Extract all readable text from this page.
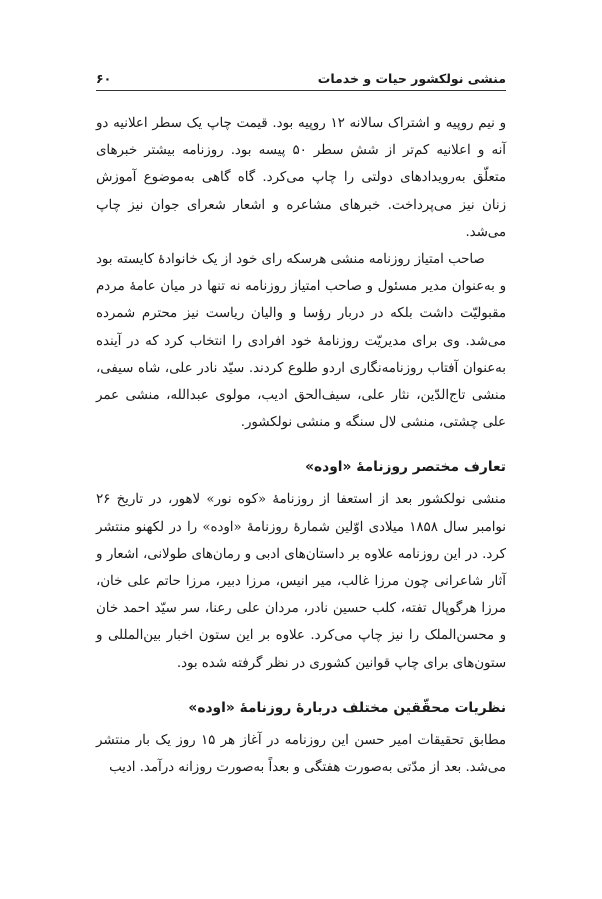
منشی نولکشور حیات و خدمات
۶۰

و نیم روپیه و اشتراک سالانه ۱۲ روپیه بود. قیمت چاپ یک سطر اعلانیه دو آنه و اعلانیه کم‌تر از شش سطر ۵۰ پیسه بود. روزنامه بیشتر خبرهای متعلّق به‌رویدادهای دولتی را چاپ می‌کرد. گاه گاهی به‌موضوع آموزش زنان نیز می‌پرداخت. خبرهای مشاعره و اشعار شعرای جوان نیز چاپ می‌شد.

صاحب امتیاز روزنامه منشی هرسکه رای خود از یک خانوادۀ کایسته بود و به‌عنوان مدیر مسئول و صاحب امتیاز روزنامه نه تنها در میان عامۀ مردم مقبولیّت داشت بلکه در دربار رؤسا و والیان ریاست نیز محترم شمرده می‌شد. وی برای مدیریّت روزنامۀ خود افرادی را انتخاب کرد که در آینده به‌عنوان آفتاب روزنامه‌نگاری اردو طلوع کردند. سیّد نادر علی، شاه سیفی، منشی تاج‌الدّین، نثار علی، سیف‌الحق ادیب، مولوی عبدالله، منشی عمر علی چشتی، منشی لال سنگه و منشی نولکشور.

تعارف مختصر روزنامۀ «اوده»

منشی نولکشور بعد از استعفا از روزنامۀ «کوه نور» لاهور، در تاریخ ۲۶ نوامبر سال ۱۸۵۸ میلادی اوّلین شمارۀ روزنامۀ «اوده» را در لکهنو منتشر کرد. در این روزنامه علاوه بر داستان‌های ادبی و رمان‌های طولانی، اشعار و آثار شاعرانی چون مرزا غالب، میر انیس، مرزا دبیر، مرزا حاتم علی خان، مرزا هرگوپال تفته، کلب حسین نادر، مردان علی رعنا، سر سیّد احمد خان و محسن‌الملک را نیز چاپ می‌کرد. علاوه بر این ستون اخبار بین‌المللی و ستون‌های برای چاپ قوانین کشوری در نظر گرفته شده بود.

نظریات محقّقین مختلف دربارۀ روزنامۀ «اوده»

مطابق تحقیقات امیر حسن این روزنامه در آغاز هر ۱۵ روز یک بار منتشر می‌شد. بعد از مدّتی به‌صورت هفتگی و بعداً به‌صورت روزانه درآمد. ادیب
